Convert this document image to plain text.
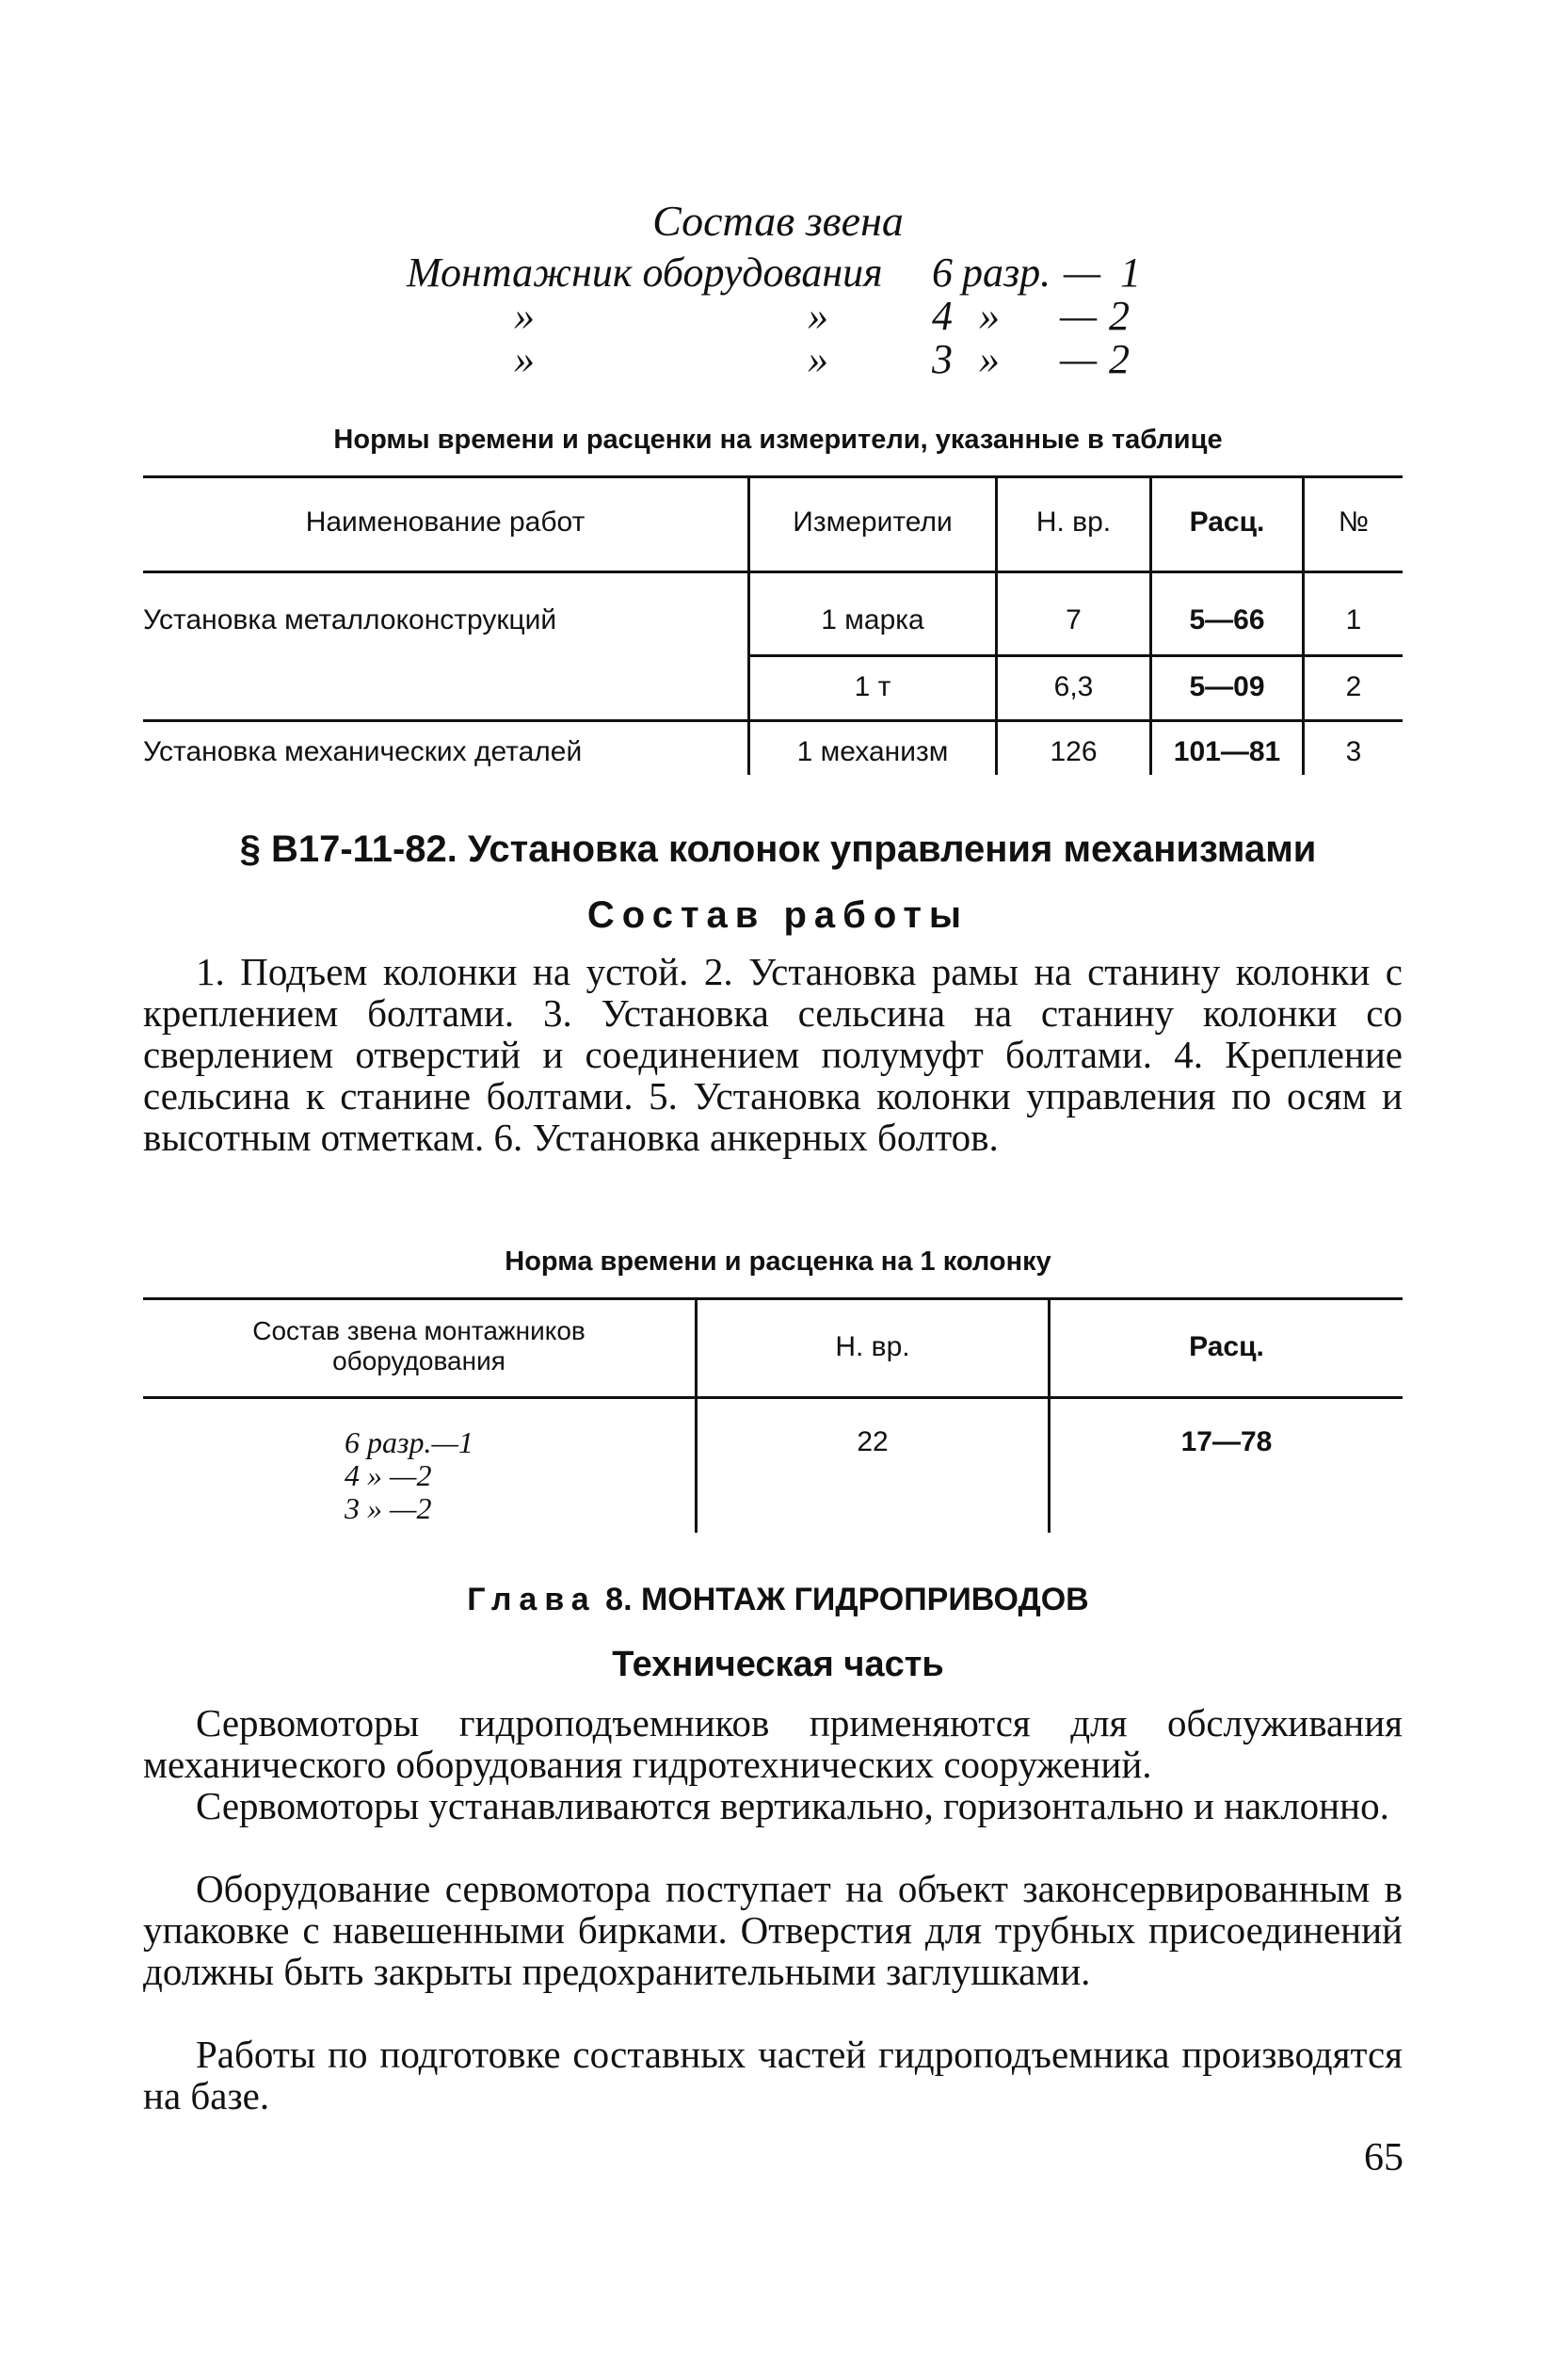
Состав звена
Монтажник оборудования 6 разр. — 1
»	»	4 » — 2
»	»	3 » — 2
Нормы времени и расценки на измерители, указанные в таблице
Наименование работ	Измерители	Н. вр.	Расц.	№
Установка металлоконструкций	1 марка	7	5—66	1
1 т	6,3	5—09	2
Установка механических деталей	1 механизм	126	101—81	3
§ В17-11-82. Установка колонок управления механизмами
Состав работы
1. Подъем колонки на устой. 2. Установка рамы на станину колонки с креплением болтами. 3. Установка сельсина на станину колонки со сверлением отверстий и соединением полумуфт болтами. 4. Крепление сельсина к станине болтами. 5. Установка колонки управления по осям и высотным отметкам. 6. Установка анкерных болтов.
Норма времени и расценка на 1 колонку
Состав звена монтажников
оборудования	Н. вр.	Расц.
6 разр.—1
4 » —2
3 » —2
22	17—78
Глава 8. МОНТАЖ ГИДРОПРИВОДОВ
Техническая часть
Сервомоторы гидроподъемников применяются для обслуживания механического оборудования гидротехнических сооружений.
Сервомоторы устанавливаются вертикально, горизонтально и наклонно.
Оборудование сервомотора поступает на объект законсервированным в упаковке с навешенными бирками. Отверстия для трубных присоединений должны быть закрыты предохранительными заглушками.
Работы по подготовке составных частей гидроподъемника производятся на базе.
65
